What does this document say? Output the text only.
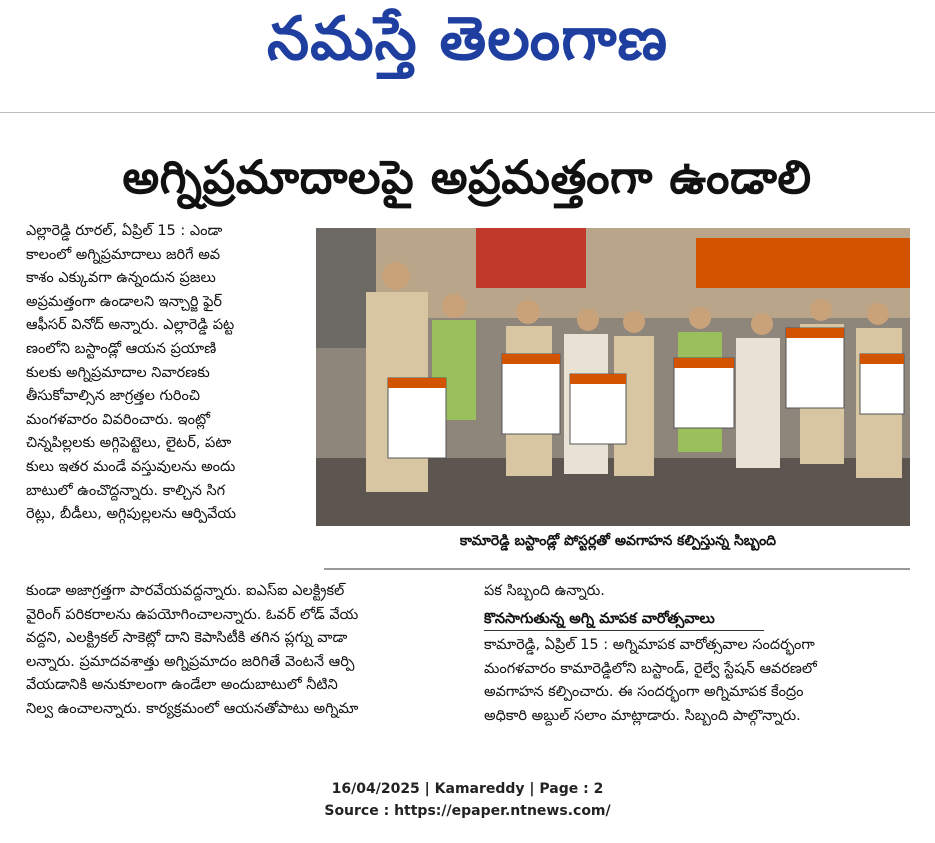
నమస్తే తెలంగాణ
అగ్నిప్రమాదాలపై అప్రమత్తంగా ఉండాలి
ఎల్లారెడ్డి రూరల్, ఏప్రిల్ 15 : ఎండా
కాలంలో అగ్నిప్రమాదాలు జరిగే అవ
కాశం ఎక్కువగా ఉన్నందున ప్రజలు
అప్రమత్తంగా ఉండాలని ఇన్చార్జి ఫైర్
ఆఫీసర్ వినోద్ అన్నారు. ఎల్లారెడ్డి పట్ట
ణంలోని బస్టాండ్లో ఆయన ప్రయాణి
కులకు అగ్నిప్రమాదాల నివారణకు
తీసుకోవాల్సిన జాగ్రత్తల గురించి
మంగళవారం వివరించారు. ఇంట్లో
చిన్నపిల్లలకు అగ్గిపెట్టెలు, లైటర్, పటా
కులు ఇతర మండే వస్తువులను అందు
బాటులో ఉంచొద్దన్నారు. కాల్చిన సిగ
రెట్లు, బీడీలు, అగ్గిపుల్లలను ఆర్పివేయ
కుండా అజాగ్రత్తగా పారవేయవద్దన్నారు. ఐఎస్ఐ ఎలక్ట్రికల్
వైరింగ్ పరికరాలను ఉపయోగించాలన్నారు. ఓవర్ లోడ్ వేయ
వద్దని, ఎలక్ట్రికల్ సాకెట్లో దాని కెపాసిటీకి తగిన ప్లగ్ను వాడా
లన్నారు. ప్రమాదవశాత్తు అగ్నిప్రమాదం జరిగితే వెంటనే ఆర్పి
వేయడానికి అనుకూలంగా ఉండేలా అందుబాటులో నీటిని
నిల్వ ఉంచాలన్నారు. కార్యక్రమంలో ఆయనతోపాటు అగ్నిమా
కామారెడ్డి బస్టాండ్లో పోస్టర్లతో అవగాహన కల్పిస్తున్న సిబ్బంది
పక సిబ్బంది ఉన్నారు.
కొనసాగుతున్న అగ్ని మాపక వారోత్సవాలు
కామారెడ్డి, ఏప్రిల్ 15 : అగ్నిమాపక వారోత్సవాల సందర్భంగా
మంగళవారం కామారెడ్డిలోని బస్టాండ్, రైల్వే స్టేషన్ ఆవరణలో
అవగాహన కల్పించారు. ఈ సందర్భంగా అగ్నిమాపక కేంద్రం
అధికారి అబ్దుల్ సలాం మాట్లాడారు. సిబ్బంది పాల్గొన్నారు.
16/04/2025 | Kamareddy | Page : 2
Source : https://epaper.ntnews.com/
